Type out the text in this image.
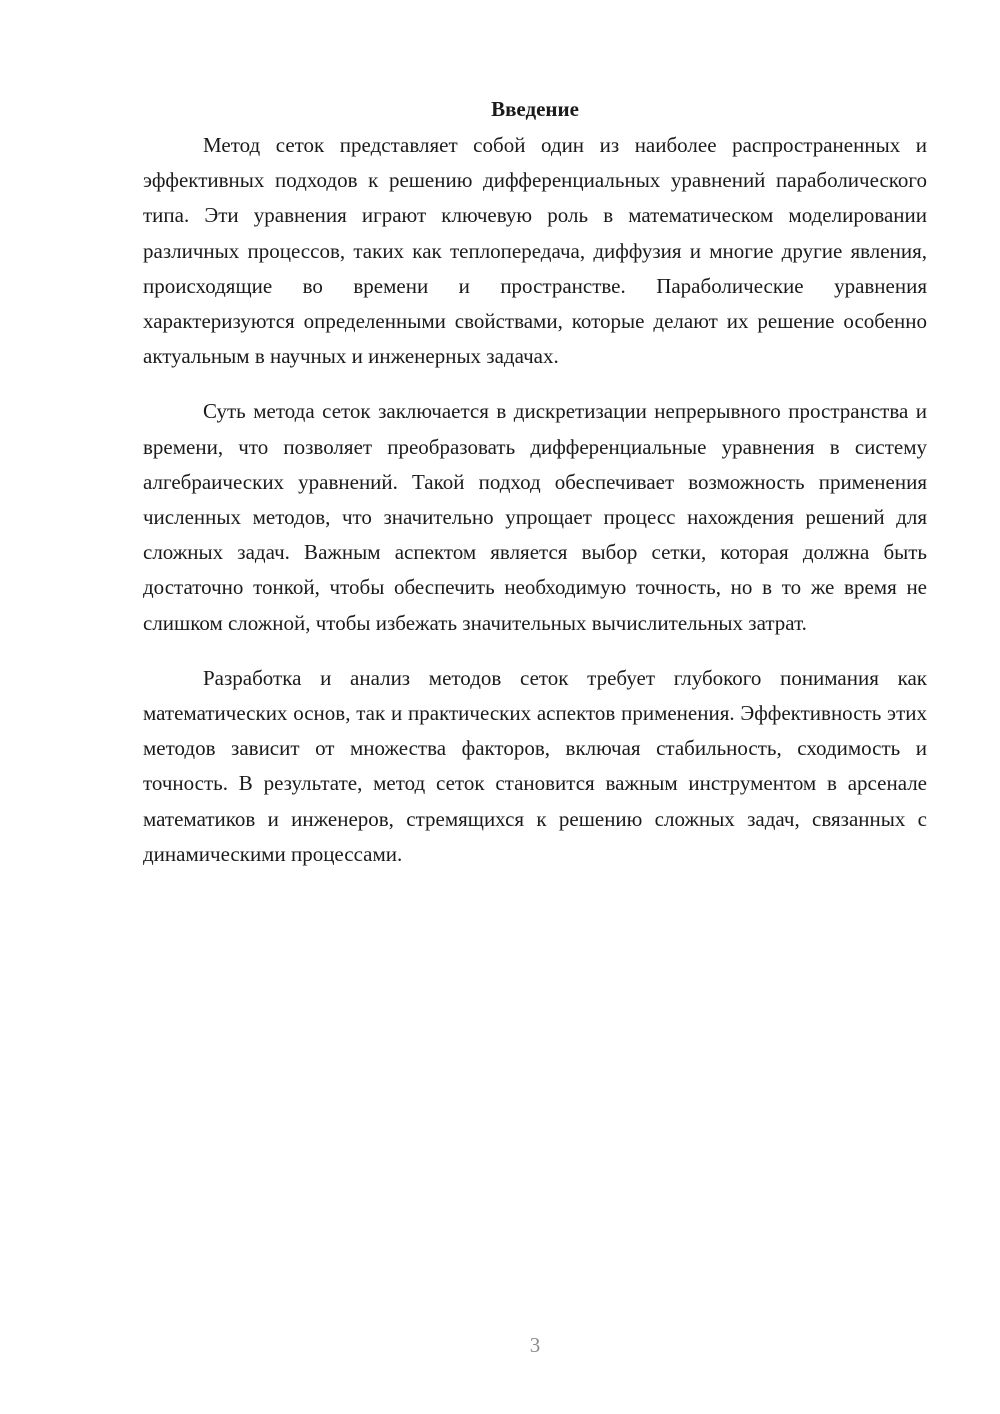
Введение

Метод сеток представляет собой один из наиболее распространенных и эффективных подходов к решению дифференциальных уравнений параболического типа. Эти уравнения играют ключевую роль в математическом моделировании различных процессов, таких как теплопередача, диффузия и многие другие явления, происходящие во времени и пространстве. Параболические уравнения характеризуются определенными свойствами, которые делают их решение особенно актуальным в научных и инженерных задачах.

Суть метода сеток заключается в дискретизации непрерывного пространства и времени, что позволяет преобразовать дифференциальные уравнения в систему алгебраических уравнений. Такой подход обеспечивает возможность применения численных методов, что значительно упрощает процесс нахождения решений для сложных задач. Важным аспектом является выбор сетки, которая должна быть достаточно тонкой, чтобы обеспечить необходимую точность, но в то же время не слишком сложной, чтобы избежать значительных вычислительных затрат.

Разработка и анализ методов сеток требует глубокого понимания как математических основ, так и практических аспектов применения. Эффективность этих методов зависит от множества факторов, включая стабильность, сходимость и точность. В результате, метод сеток становится важным инструментом в арсенале математиков и инженеров, стремящихся к решению сложных задач, связанных с динамическими процессами.

3
